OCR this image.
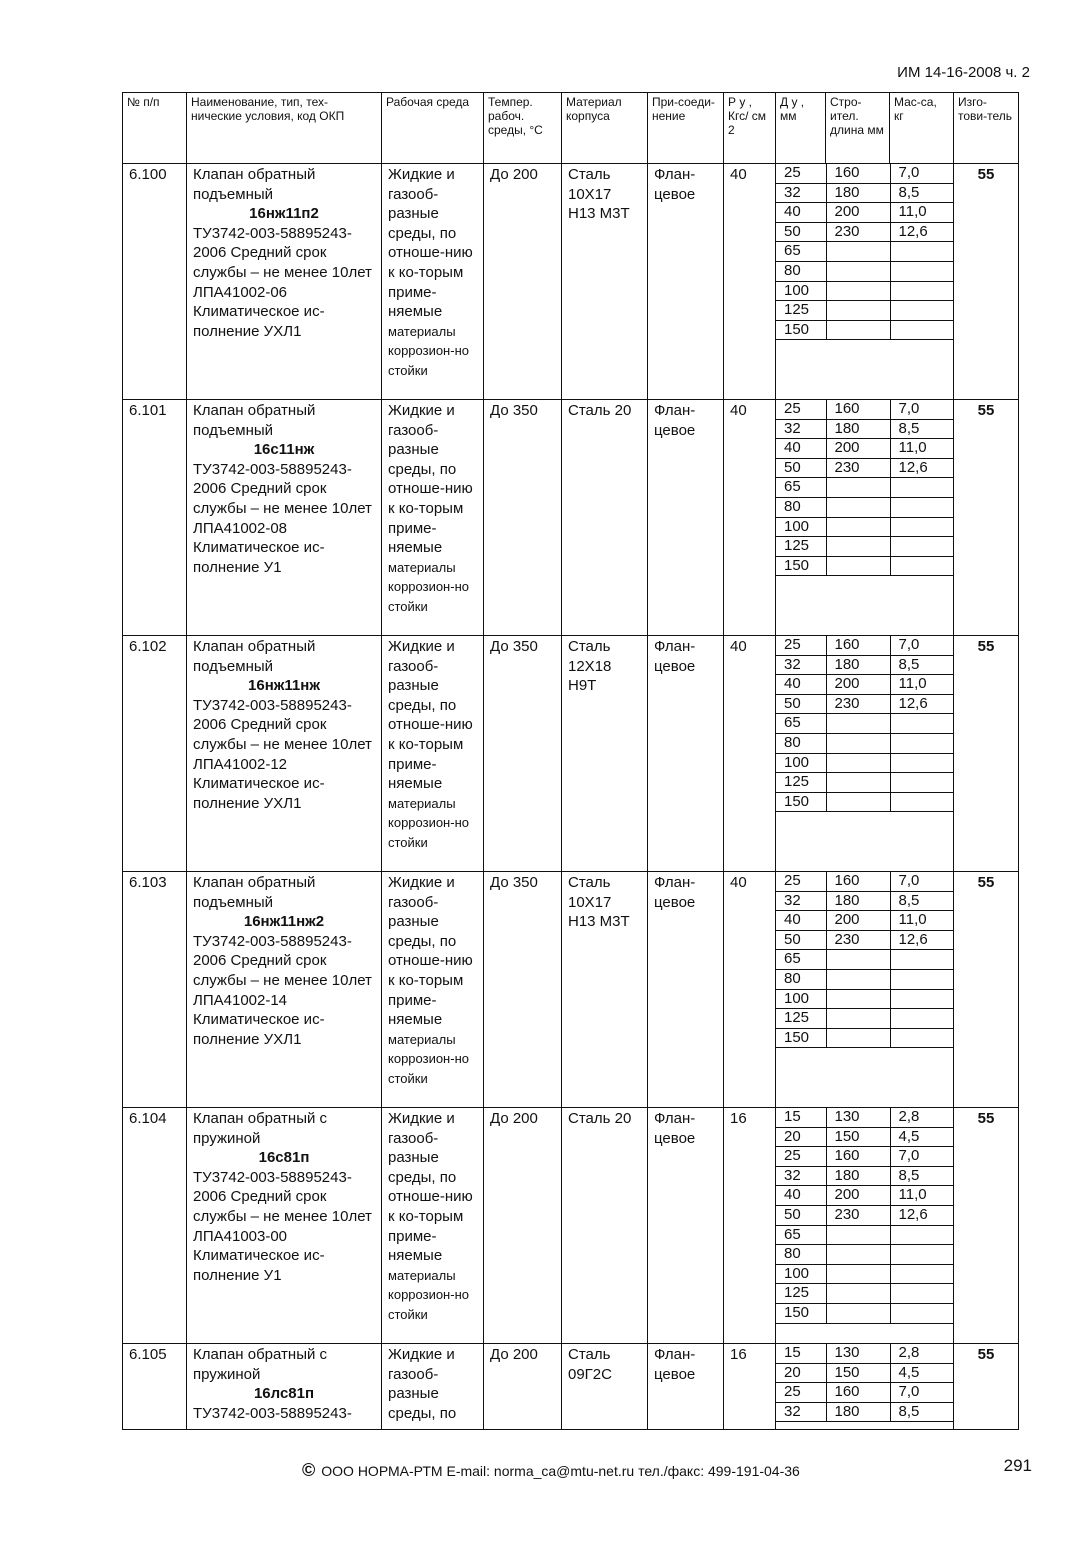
ИМ 14-16-2008 ч. 2
№ п/п	Наименование, тип, тех-нические условия, код ОКП	Рабочая среда	Темпер. рабоч. среды, °С	Материал корпуса	При-соеди-нение	Р у , Кгс/ см 2	Д у , мм	Стро-ител. длина мм	Мас-са, кг	Изго-тови-тель
6.100	Клапан обратный подъемный
16нж11п2
ТУ3742-003-58895243-2006 Средний срок службы – не менее 10лет ЛПА41002-06 Климатическое ис-полнение УХЛ1	Жидкие и газооб-разные среды, по отноше-нию к ко-торым приме-няемые материалы коррозион-но стойки	До 200	Сталь 10Х17 Н13 М3Т	Флан-цевое	40	25	160	7,0
32	180	8,5
40	200	11,0
50	230	12,6
65		
80		
100		
125		
150		
	55
6.101	Клапан обратный подъемный
16с11нж
ТУ3742-003-58895243-2006 Средний срок службы – не менее 10лет ЛПА41002-08 Климатическое ис-полнение У1	Жидкие и газооб-разные среды, по отноше-нию к ко-торым приме-няемые материалы коррозион-но стойки	До 350	Сталь 20	Флан-цевое	40	25	160	7,0
32	180	8,5
40	200	11,0
50	230	12,6
65		
80		
100		
125		
150		
	55
6.102	Клапан обратный подъемный
16нж11нж
ТУ3742-003-58895243-2006 Средний срок службы – не менее 10лет ЛПА41002-12 Климатическое ис-полнение УХЛ1	Жидкие и газооб-разные среды, по отноше-нию к ко-торым приме-няемые материалы коррозион-но стойки	До 350	Сталь 12Х18 Н9Т	Флан-цевое	40	25	160	7,0
32	180	8,5
40	200	11,0
50	230	12,6
65		
80		
100		
125		
150		
	55
6.103	Клапан обратный подъемный
16нж11нж2
ТУ3742-003-58895243-2006 Средний срок службы – не менее 10лет ЛПА41002-14 Климатическое ис-полнение УХЛ1	Жидкие и газооб-разные среды, по отноше-нию к ко-торым приме-няемые материалы коррозион-но стойки	До 350	Сталь 10Х17 Н13 М3Т	Флан-цевое	40	25	160	7,0
32	180	8,5
40	200	11,0
50	230	12,6
65		
80		
100		
125		
150		
	55
6.104	Клапан обратный с пружиной
16с81п
ТУ3742-003-58895243-2006 Средний срок службы – не менее 10лет ЛПА41003-00 Климатическое ис-полнение У1	Жидкие и газооб-разные среды, по отноше-нию к ко-торым приме-няемые материалы коррозион-но стойки	До 200	Сталь 20	Флан-цевое	16	15	130	2,8
20	150	4,5
25	160	7,0
32	180	8,5
40	200	11,0
50	230	12,6
65		
80		
100		
125		
150		
	55
6.105	Клапан обратный с пружиной
16лс81п
ТУ3742-003-58895243-	Жидкие и газооб-разные среды, по	До 200	Сталь 09Г2С	Флан-цевое	16	15	130	2,8
20	150	4,5
25	160	7,0
32	180	8,5
	55
© ООО НОРМА-РТМ E-mail: norma_ca@mtu-net.ru тел./факс: 499-191-04-36	291
